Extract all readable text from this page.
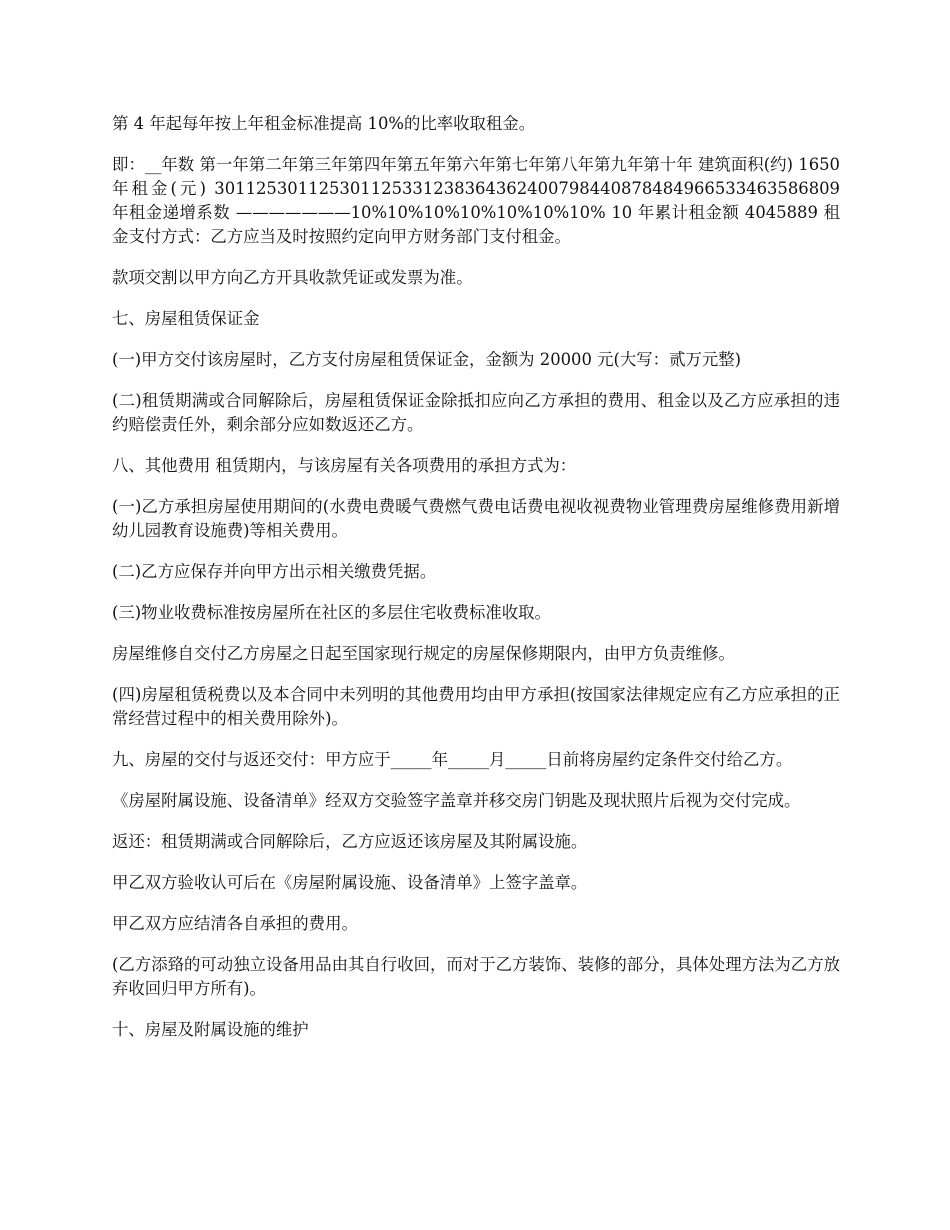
第 4 年起每年按上年租金标准提高 10%的比率收取租金。

即：__年数 第一年第二年第三年第四年第五年第六年第七年第八年第九年第十年 建筑面积(约) 1650 年租金(元) 301125301125301125331238364362400798440878484966533463586809 年租金递增系数 ———————10%10%10%10%10%10%10% 10 年累计租金额 4045889 租金支付方式：乙方应当及时按照约定向甲方财务部门支付租金。

款项交割以甲方向乙方开具收款凭证或发票为准。

七、房屋租赁保证金

(一)甲方交付该房屋时，乙方支付房屋租赁保证金，金额为 20000 元(大写：贰万元整)

(二)租赁期满或合同解除后，房屋租赁保证金除抵扣应向乙方承担的费用、租金以及乙方应承担的违约赔偿责任外，剩余部分应如数返还乙方。

八、其他费用 租赁期内，与该房屋有关各项费用的承担方式为：

(一)乙方承担房屋使用期间的(水费电费暖气费燃气费电话费电视收视费物业管理费房屋维修费用新增幼儿园教育设施费)等相关费用。

(二)乙方应保存并向甲方出示相关缴费凭据。

(三)物业收费标准按房屋所在社区的多层住宅收费标准收取。

房屋维修自交付乙方房屋之日起至国家现行规定的房屋保修期限内，由甲方负责维修。

(四)房屋租赁税费以及本合同中未列明的其他费用均由甲方承担(按国家法律规定应有乙方应承担的正常经营过程中的相关费用除外)。

九、房屋的交付与返还交付：甲方应于_____年_____月_____日前将房屋约定条件交付给乙方。

《房屋附属设施、设备清单》经双方交验签字盖章并移交房门钥匙及现状照片后视为交付完成。

返还：租赁期满或合同解除后，乙方应返还该房屋及其附属设施。

甲乙双方验收认可后在《房屋附属设施、设备清单》上签字盖章。

甲乙双方应结清各自承担的费用。

(乙方添臵的可动独立设备用品由其自行收回，而对于乙方装饰、装修的部分，具体处理方法为乙方放弃收回归甲方所有)。

十、房屋及附属设施的维护
